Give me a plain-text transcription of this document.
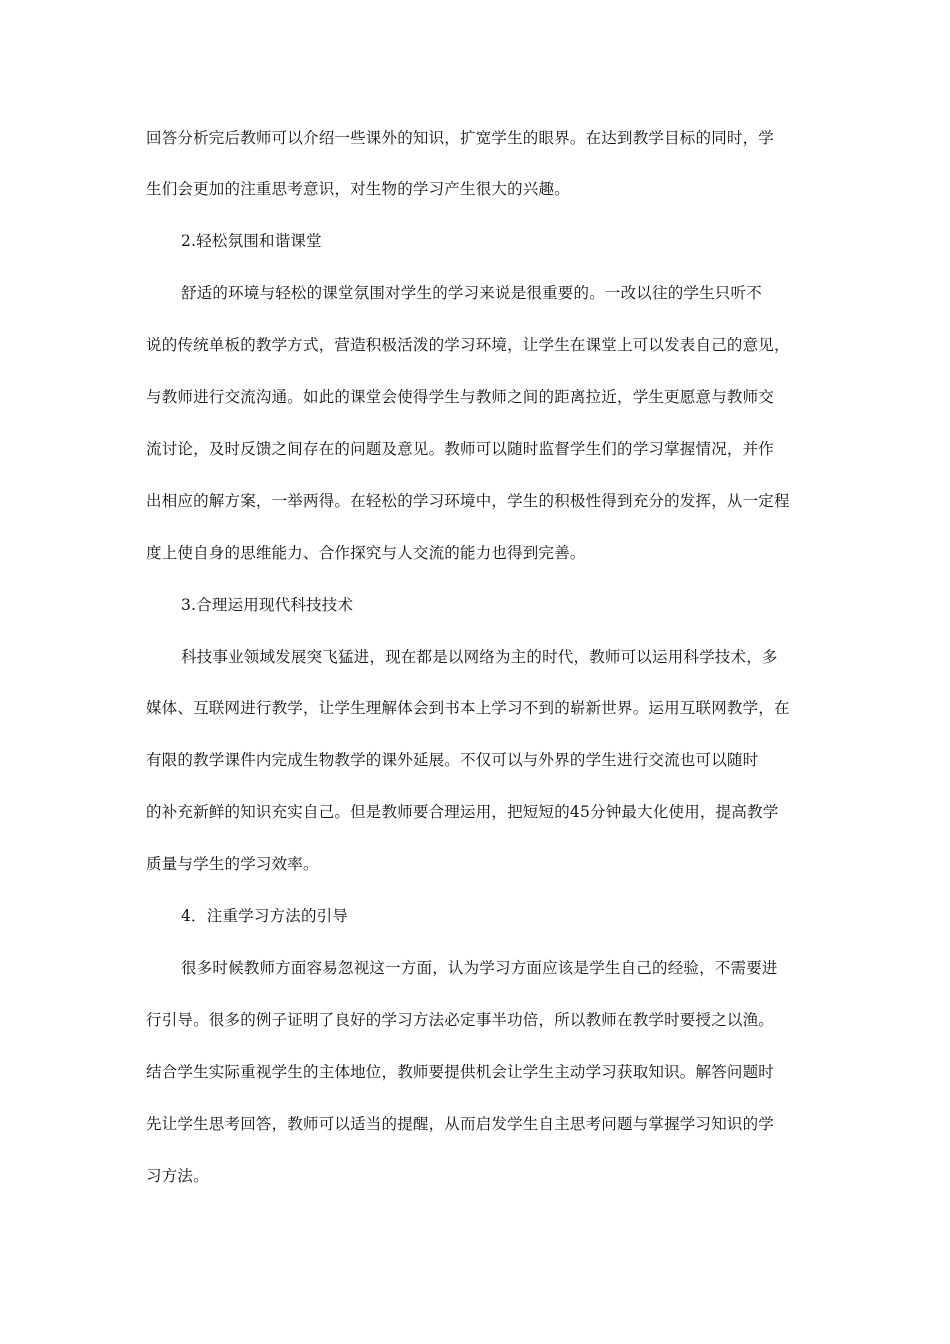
回答分析完后教师可以介绍一些课外的知识，扩宽学生的眼界。在达到教学目标的同时，学
生们会更加的注重思考意识，对生物的学习产生很大的兴趣。
2.轻松氛围和谐课堂
舒适的环境与轻松的课堂氛围对学生的学习来说是很重要的。一改以往的学生只听不
说的传统单板的教学方式，营造积极活泼的学习环境，让学生在课堂上可以发表自己的意见，
与教师进行交流沟通。如此的课堂会使得学生与教师之间的距离拉近，学生更愿意与教师交
流讨论，及时反馈之间存在的问题及意见。教师可以随时监督学生们的学习掌握情况，并作
出相应的解方案，一举两得。在轻松的学习环境中，学生的积极性得到充分的发挥，从一定程
度上使自身的思维能力、合作探究与人交流的能力也得到完善。
3.合理运用现代科技技术
科技事业领域发展突飞猛进，现在都是以网络为主的时代，教师可以运用科学技术，多
媒体、互联网进行教学，让学生理解体会到书本上学习不到的崭新世界。运用互联网教学，在
有限的教学课件内完成生物教学的课外延展。不仅可以与外界的学生进行交流也可以随时
的补充新鲜的知识充实自己。但是教师要合理运用，把短短的45分钟最大化使用，提高教学
质量与学生的学习效率。
4．注重学习方法的引导
很多时候教师方面容易忽视这一方面，认为学习方面应该是学生自己的经验，不需要进
行引导。很多的例子证明了良好的学习方法必定事半功倍，所以教师在教学时要授之以渔。
结合学生实际重视学生的主体地位，教师要提供机会让学生主动学习获取知识。解答问题时
先让学生思考回答，教师可以适当的提醒，从而启发学生自主思考问题与掌握学习知识的学
习方法。
